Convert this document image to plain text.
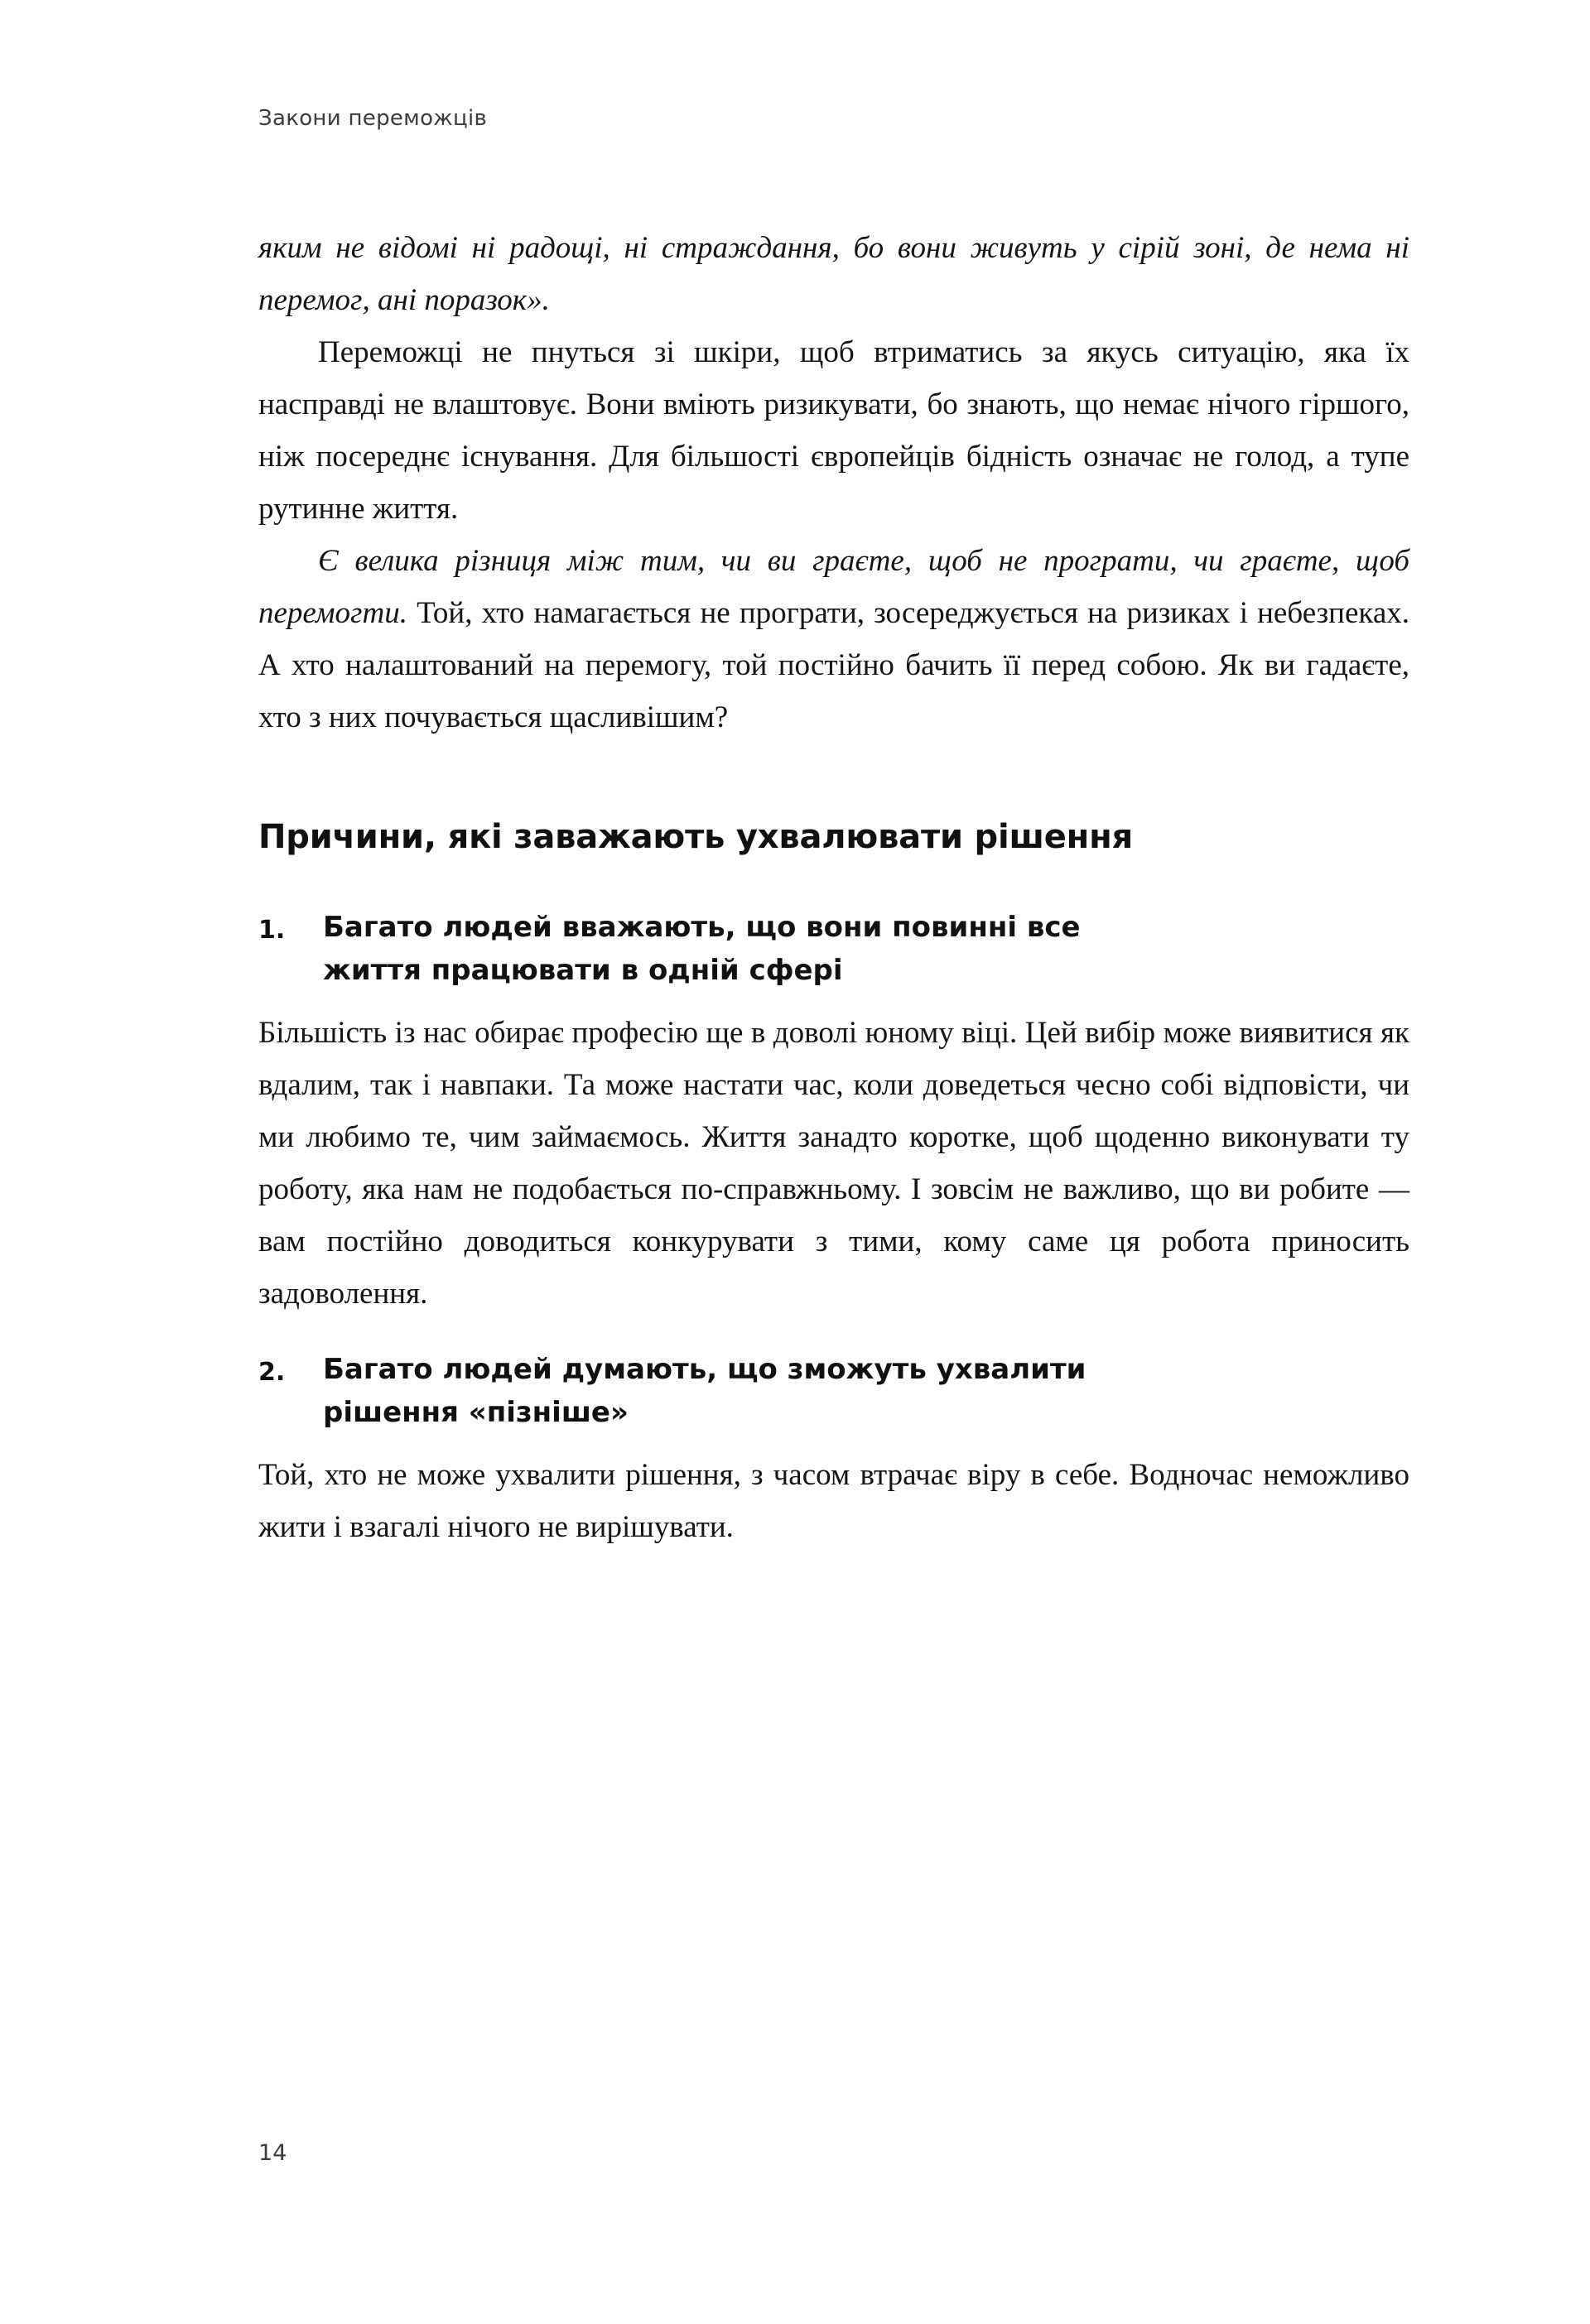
Закони переможців

яким не відомі ні радощі, ні страждання, бо вони живуть у сірій зоні, де нема ні перемог, ані поразок».

Переможці не пнуться зі шкіри, щоб втриматись за якусь ситуацію, яка їх насправді не влаштовує. Вони вміють ризикувати, бо знають, що немає нічого гіршого, ніж посереднє існування. Для більшості європейців бідність означає не голод, а тупе рутинне життя.

Є велика різниця між тим, чи ви граєте, щоб не програти, чи граєте, щоб перемогти. Той, хто намагається не програти, зосереджується на ризиках і небезпеках. А хто налаштований на перемогу, той постійно бачить її перед собою. Як ви гадаєте, хто з них почувається щасливішим?

Причини, які заважають ухвалювати рішення
1.	Багато людей вважають, що вони повинні все життя працювати в одній сфері

Більшість із нас обирає професію ще в доволі юному віці. Цей вибір може виявитися як вдалим, так і навпаки. Та може настати час, коли доведеться чесно собі відповісти, чи ми любимо те, чим займаємось. Життя занадто коротке, щоб щоденно виконувати ту роботу, яка нам не подобається по-справжньому. І зовсім не важливо, що ви робите — вам постійно доводиться конкурувати з тими, кому саме ця робота приносить задоволення.

2.	Багато людей думають, що зможуть ухвалити рішення «пізніше»

Той, хто не може ухвалити рішення, з часом втрачає віру в себе. Водночас неможливо жити і взагалі нічого не вирішувати.

14
